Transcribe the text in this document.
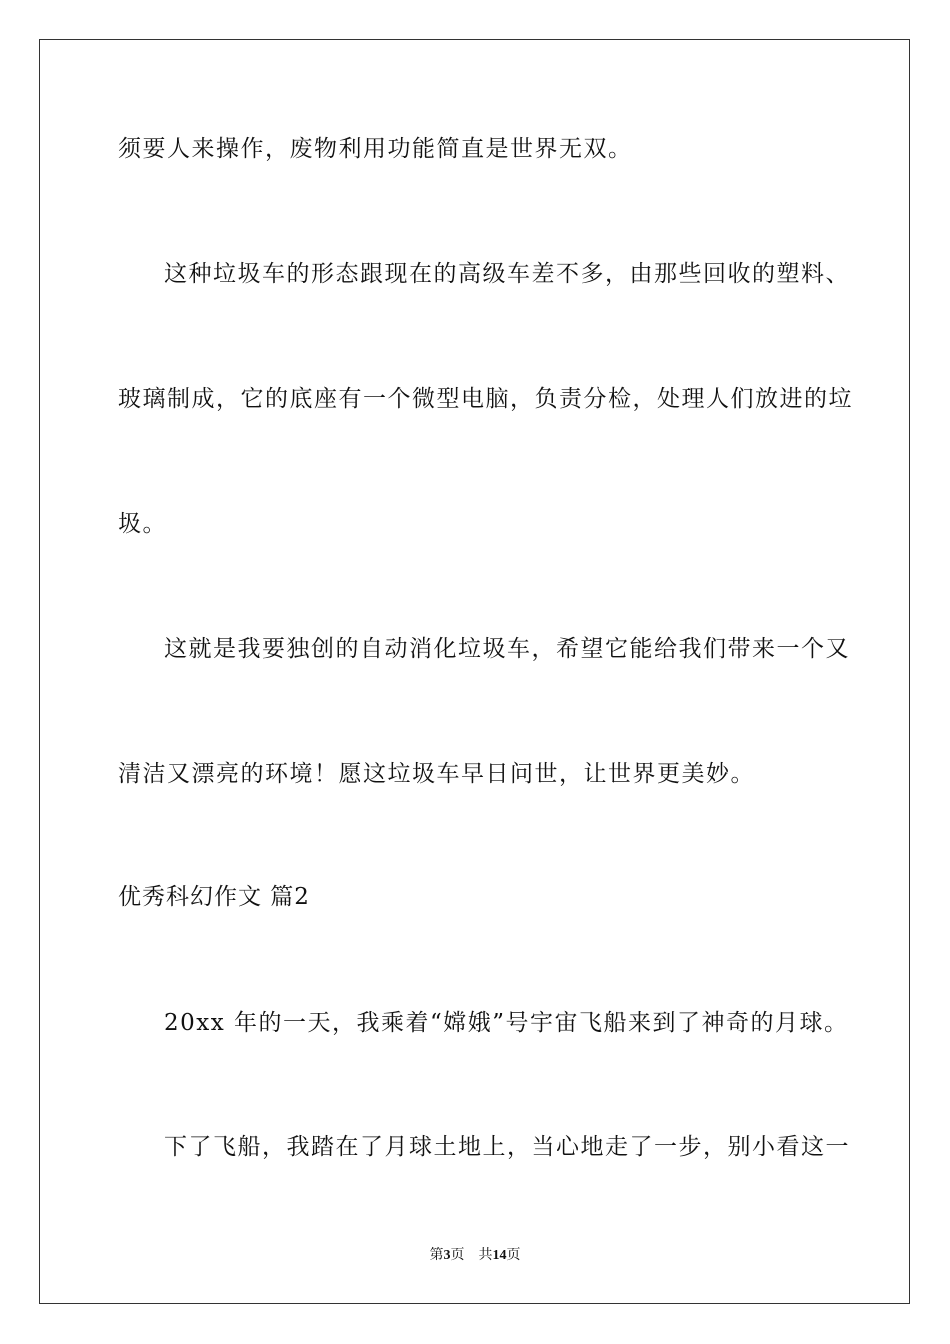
须要人来操作，废物利用功能简直是世界无双。
这种垃圾车的形态跟现在的高级车差不多，由那些回收的塑料、
玻璃制成，它的底座有一个微型电脑，负责分检，处理人们放进的垃
圾。
这就是我要独创的自动消化垃圾车，希望它能给我们带来一个又
清洁又漂亮的环境！愿这垃圾车早日问世，让世界更美妙。
优秀科幻作文 篇2
20xx 年的一天，我乘着“嫦娥”号宇宙飞船来到了神奇的月球。
下了飞船，我踏在了月球土地上，当心地走了一步，别小看这一
第3页 共14页
